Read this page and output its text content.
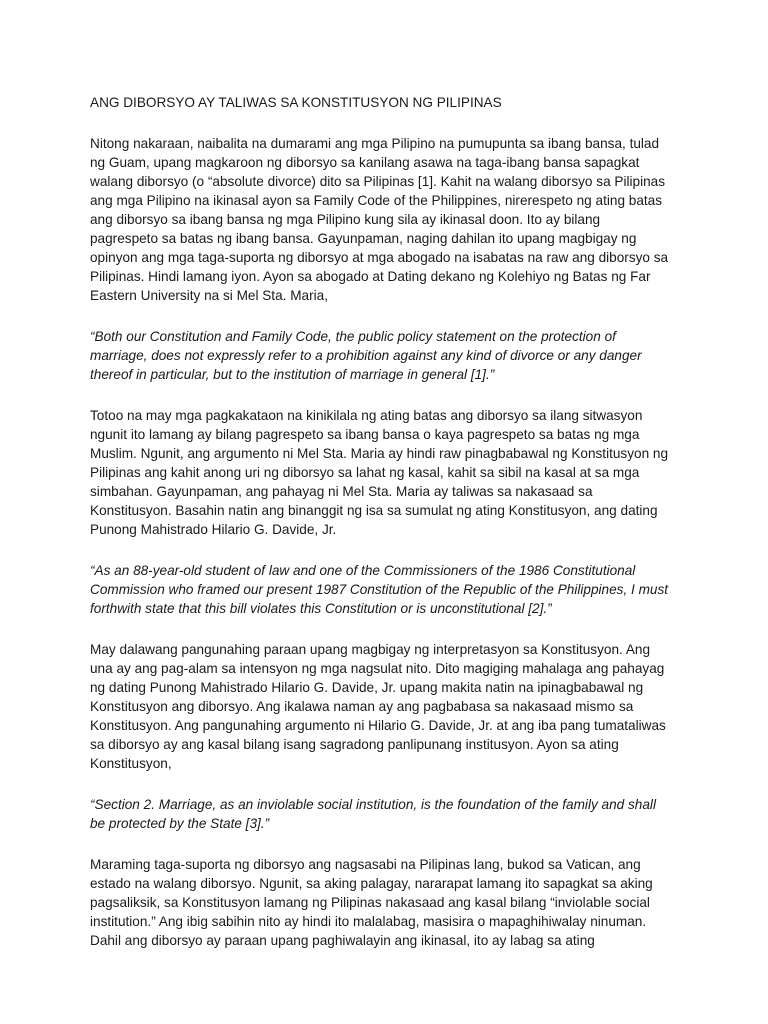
ANG DIBORSYO AY TALIWAS SA KONSTITUSYON NG PILIPINAS
Nitong nakaraan, naibalita na dumarami ang mga Pilipino na pumupunta sa ibang bansa, tulad
ng Guam, upang magkaroon ng diborsyo sa kanilang asawa na taga-ibang bansa sapagkat
walang diborsyo (o “absolute divorce) dito sa Pilipinas [1]. Kahit na walang diborsyo sa Pilipinas
ang mga Pilipino na ikinasal ayon sa Family Code of the Philippines, nirerespeto ng ating batas
ang diborsyo sa ibang bansa ng mga Pilipino kung sila ay ikinasal doon. Ito ay bilang
pagrespeto sa batas ng ibang bansa. Gayunpaman, naging dahilan ito upang magbigay ng
opinyon ang mga taga-suporta ng diborsyo at mga abogado na isabatas na raw ang diborsyo sa
Pilipinas. Hindi lamang iyon. Ayon sa abogado at Dating dekano ng Kolehiyo ng Batas ng Far
Eastern University na si Mel Sta. Maria,
“Both our Constitution and Family Code, the public policy statement on the protection of
marriage, does not expressly refer to a prohibition against any kind of divorce or any danger
thereof in particular, but to the institution of marriage in general [1].”
Totoo na may mga pagkakataon na kinikilala ng ating batas ang diborsyo sa ilang sitwasyon
ngunit ito lamang ay bilang pagrespeto sa ibang bansa o kaya pagrespeto sa batas ng mga
Muslim. Ngunit, ang argumento ni Mel Sta. Maria ay hindi raw pinagbabawal ng Konstitusyon ng
Pilipinas ang kahit anong uri ng diborsyo sa lahat ng kasal, kahit sa sibil na kasal at sa mga
simbahan. Gayunpaman, ang pahayag ni Mel Sta. Maria ay taliwas sa nakasaad sa
Konstitusyon. Basahin natin ang binanggit ng isa sa sumulat ng ating Konstitusyon, ang dating
Punong Mahistrado Hilario G. Davide, Jr.
“As an 88-year-old student of law and one of the Commissioners of the 1986 Constitutional
Commission who framed our present 1987 Constitution of the Republic of the Philippines, I must
forthwith state that this bill violates this Constitution or is unconstitutional [2].”
May dalawang pangunahing paraan upang magbigay ng interpretasyon sa Konstitusyon. Ang
una ay ang pag-alam sa intensyon ng mga nagsulat nito. Dito magiging mahalaga ang pahayag
ng dating Punong Mahistrado Hilario G. Davide, Jr. upang makita natin na ipinagbabawal ng
Konstitusyon ang diborsyo. Ang ikalawa naman ay ang pagbabasa sa nakasaad mismo sa
Konstitusyon. Ang pangunahing argumento ni Hilario G. Davide, Jr. at ang iba pang tumataliwas
sa diborsyo ay ang kasal bilang isang sagradong panlipunang institusyon. Ayon sa ating
Konstitusyon,
“Section 2. Marriage, as an inviolable social institution, is the foundation of the family and shall
be protected by the State [3].”
Maraming taga-suporta ng diborsyo ang nagsasabi na Pilipinas lang, bukod sa Vatican, ang
estado na walang diborsyo. Ngunit, sa aking palagay, nararapat lamang ito sapagkat sa aking
pagsaliksik, sa Konstitusyon lamang ng Pilipinas nakasaad ang kasal bilang “inviolable social
institution.” Ang ibig sabihin nito ay hindi ito malalabag, masisira o mapaghihiwalay ninuman.
Dahil ang diborsyo ay paraan upang paghiwalayin ang ikinasal, ito ay labag sa ating
